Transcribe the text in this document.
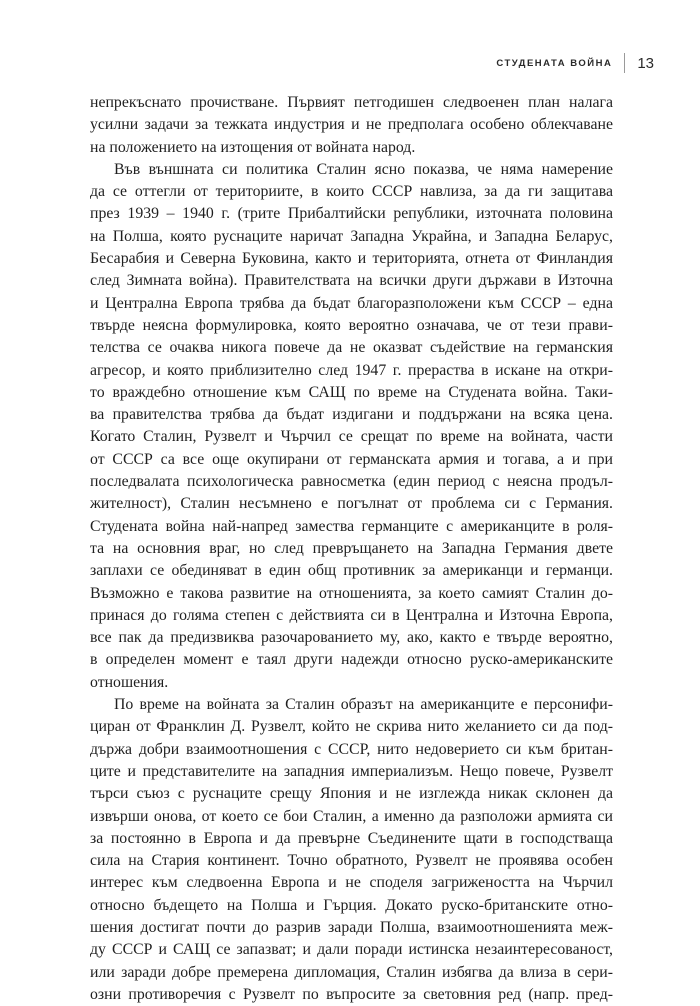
СТУДЕНАТА ВОЙНА 13
непрекъснато прочистване. Първият петгодишен следвоенен план налага
усилни задачи за тежката индустрия и не предполага особено облекчаване
на положението на изтощения от войната народ.
Във външната си политика Сталин ясно показва, че няма намерение
да се оттегли от териториите, в които СССР навлиза, за да ги защитава
през 1939 – 1940 г. (трите Прибалтийски републики, източната половина
на Полша, която руснаците наричат Западна Украйна, и Западна Беларус,
Бесарабия и Северна Буковина, както и територията, отнета от Финландия
след Зимната война). Правителствата на всички други държави в Източна
и Централна Европа трябва да бъдат благоразположени към СССР – една
твърде неясна формулировка, която вероятно означава, че от тези прави-
телства се очаква никога повече да не оказват съдействие на германския
агресор, и която приблизително след 1947 г. прераства в искане на откри-
то враждебно отношение към САЩ по време на Студената война. Таки-
ва правителства трябва да бъдат издигани и поддържани на всяка цена.
Когато Сталин, Рузвелт и Чърчил се срещат по време на войната, части
от СССР са все още окупирани от германската армия и тогава, а и при
последвалата психологическа равносметка (един период с неясна продъл-
жителност), Сталин несъмнено е погълнат от проблема си с Германия.
Студената война най-напред замества германците с американците в роля-
та на основния враг, но след превръщането на Западна Германия двете
заплахи се обединяват в един общ противник за американци и германци.
Възможно е такова развитие на отношенията, за което самият Сталин до-
принася до голяма степен с действията си в Централна и Източна Европа,
все пак да предизвиква разочарованието му, ако, както е твърде вероятно,
в определен момент е таял други надежди относно руско-американските
отношения.
По време на войната за Сталин образът на американците е персонифи-
циран от Франклин Д. Рузвелт, който не скрива нито желанието си да под-
държа добри взаимоотношения с СССР, нито недоверието си към британ-
ците и представителите на западния империализъм. Нещо повече, Рузвелт
търси съюз с руснаците срещу Япония и не изглежда никак склонен да
извърши онова, от което се бои Сталин, а именно да разположи армията си
за постоянно в Европа и да превърне Съединените щати в господстваща
сила на Стария континент. Точно обратното, Рузвелт не проявява особен
интерес към следвоенна Европа и не споделя загрижеността на Чърчил
относно бъдещето на Полша и Гърция. Докато руско-британските отно-
шения достигат почти до разрив заради Полша, взаимоотношенията меж-
ду СССР и САЩ се запазват; и дали поради истинска незаинтересованост,
или заради добре премерена дипломация, Сталин избягва да влиза в сери-
озни противоречия с Рузвелт по въпросите за световния ред (напр. пред-
